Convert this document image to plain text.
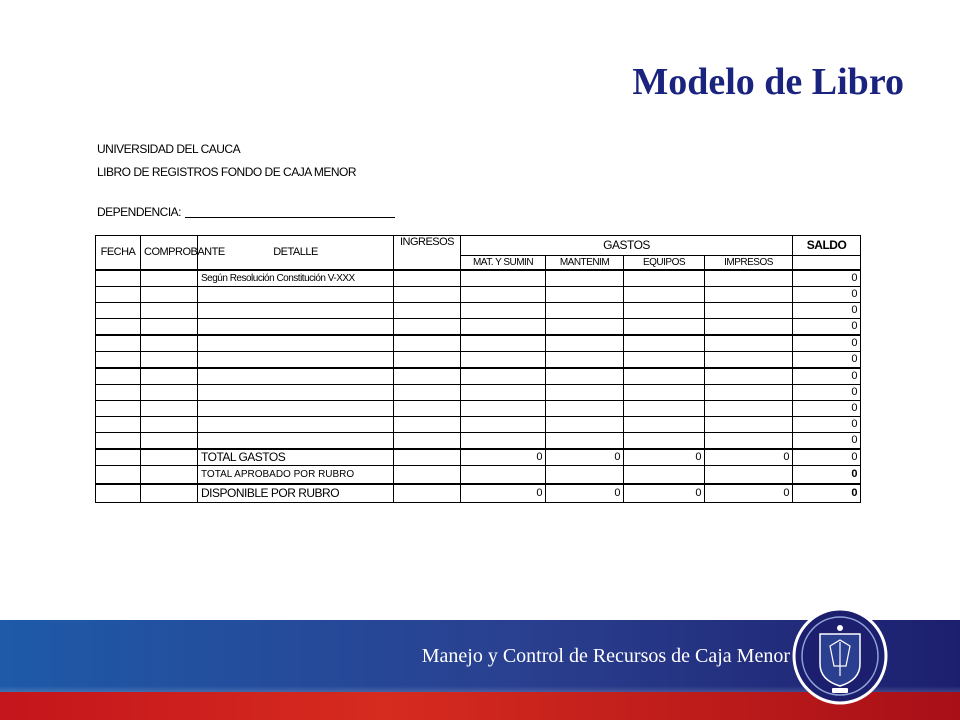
Modelo de Libro
UNIVERSIDAD DEL CAUCA
LIBRO DE REGISTROS FONDO DE CAJA MENOR
DEPENDENCIA:
FECHA	COMPROBANTE	DETALLE	INGRESOS	GASTOS				SALDO
				MAT. Y SUMIN	MANTENIM	EQUIPOS	IMPRESOS	
		Según Resolución Constitución V-XXX						0
								0
								0
								0
								0
								0
								0
								0
								0
								0
								0
		TOTAL GASTOS		0	0	0	0	0
		TOTAL APROBADO POR RUBRO						0
		DISPONIBLE POR RUBRO		0	0	0	0	0
Manejo y Control de Recursos de Caja Menor
